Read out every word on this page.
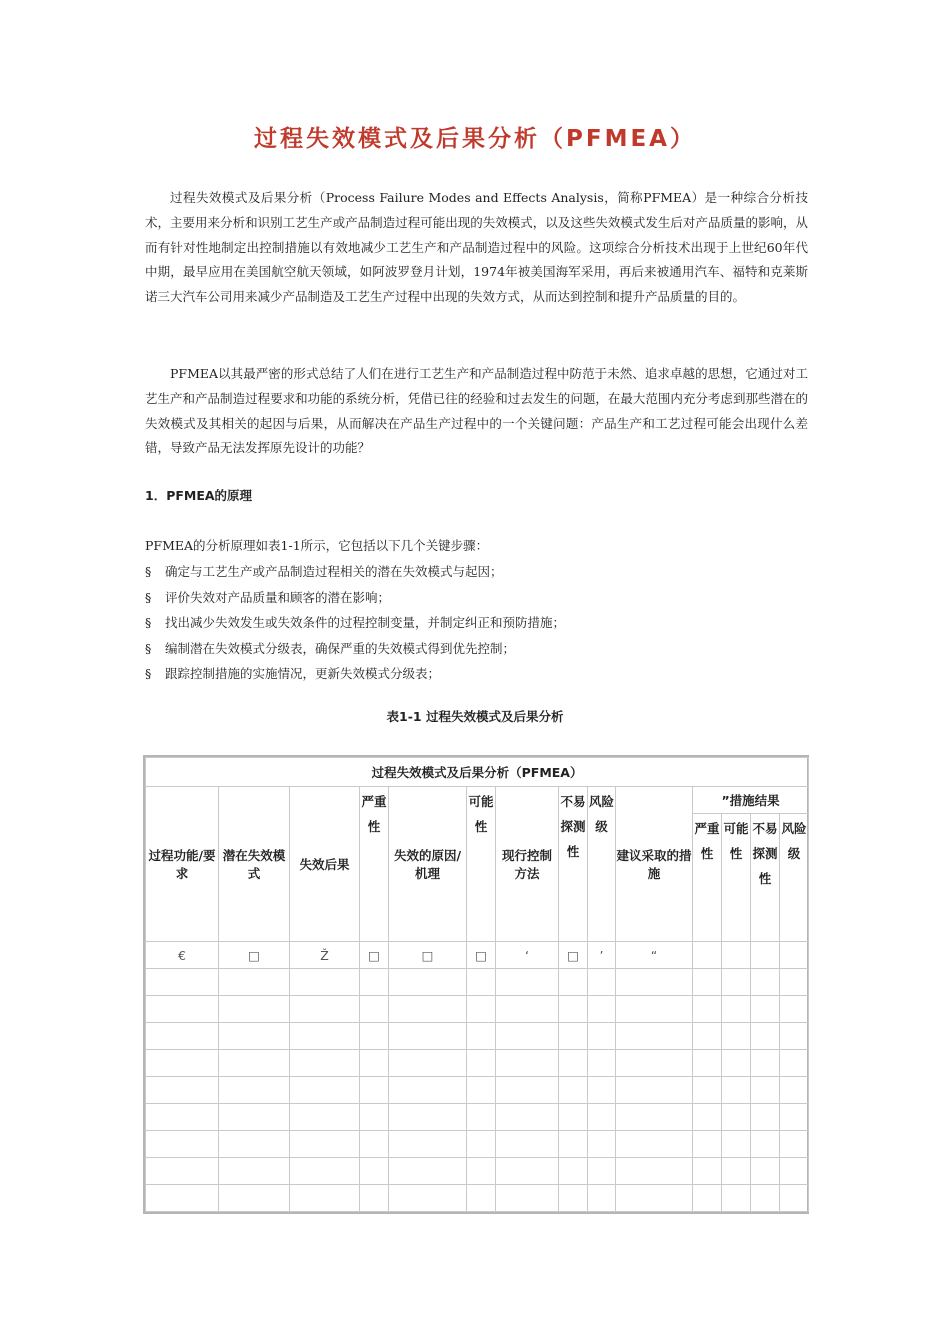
过程失效模式及后果分析（PFMEA）

过程失效模式及后果分析（Process Failure Modes and Effects Analysis，简称PFMEA）是一种综合分析技术，主要用来分析和识别工艺生产或产品制造过程可能出现的失效模式，以及这些失效模式发生后对产品质量的影响，从而有针对性地制定出控制措施以有效地减少工艺生产和产品制造过程中的风险。这项综合分析技术出现于上世纪60年代中期，最早应用在美国航空航天领域，如阿波罗登月计划，1974年被美国海军采用，再后来被通用汽车、福特和克莱斯诺三大汽车公司用来减少产品制造及工艺生产过程中出现的失效方式，从而达到控制和提升产品质量的目的。

PFMEA以其最严密的形式总结了人们在进行工艺生产和产品制造过程中防范于未然、追求卓越的思想，它通过对工艺生产和产品制造过程要求和功能的系统分析，凭借已往的经验和过去发生的问题，在最大范围内充分考虑到那些潜在的失效模式及其相关的起因与后果，从而解决在产品生产过程中的一个关键问题：产品生产和工艺过程可能会出现什么差错，导致产品无法发挥原先设计的功能？

1．PFMEA的原理
PFMEA的分析原理如表1-1所示，它包括以下几个关键步骤：
§ 确定与工艺生产或产品制造过程相关的潜在失效模式与起因；
§ 评价失效对产品质量和顾客的潜在影响；
§ 找出减少失效发生或失效条件的过程控制变量，并制定纠正和预防措施；
§ 编制潜在失效模式分级表，确保严重的失效模式得到优先控制；
§ 跟踪控制措施的实施情况，更新失效模式分级表；
表1-1 过程失效模式及后果分析
过程失效模式及后果分析（PFMEA）													
过程功能/要求	潜在失效模式	失效后果	严重性	失效的原因/机理	可能性	现行控制方法	不易探测性	风险级	建议采取的措施	”措施结果			
										严重性	可能性	不易探测性	风险级
€	□	Ž	□	□	□	‘	□	’	“				
